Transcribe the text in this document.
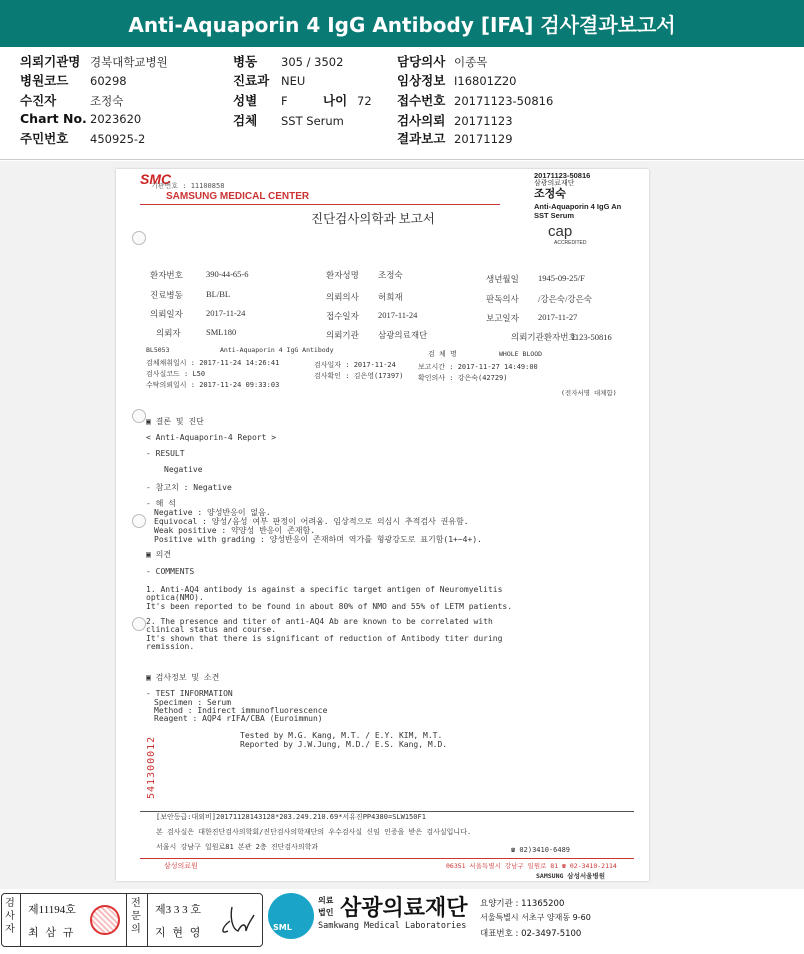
Anti-Aquaporin 4 IgG Antibody [IFA] 검사결과보고서
의뢰기관명 경북대학교병원
병원코드 60298
수진자	조정숙
Chart No. 2023620
주민번호 450925-2
병동 305 / 3502
진료과 NEU
성별 F	나이 72
검체 SST Serum
담당의사 이종목
임상정보 I16801Z20
접수번호 20171123-50816
검사의뢰 20171123
결과보고 20171129
SMC
기관번호 : 11100858
SAMSUNG MEDICAL CENTER
진단검사의학과 보고서
20171123-50816
삼광의료재단
조정숙
Anti-Aquaporin 4 IgG An
SST Serum
cap
ACCREDITED
환자번호	390-44-65-6	환자성명 조정숙	생년월일 1945-09-25/F
진료병동	BL/BL	의뢰의사 허희재	판독의사 /강은숙/강은숙
의뢰일자	2017-11-24	접수일자 2017-11-24	보고일자 2017-11-27
의뢰자	SML180	의뢰기관 삼광의료재단	의뢰기관환자번호
1123-50816
BL5053	Anti-Aquaporin 4 IgG Antibody	검 체 명	WHOLE BLOOD
검체채취일시 : 2017-11-24 14:26:41
검사실코드 : L50
수탁의뢰일시 : 2017-11-24 09:33:03
검사일자 : 2017-11-24
검사확인 : 김은영(17397)
보고시간 : 2017-11-27 14:49:00
확인의사 : 강은숙(42729)
(전자서명 대체함)
▣ 결론 및 진단
< Anti-Aquaporin-4 Report >
- RESULT
Negative
- 참고치 : Negative
- 해 석
Negative : 양성반응이 없음.
Equivocal : 양성/음성 여부 판정이 어려움. 임상적으로 의심시 추적검사 권유함.
Weak positive : 약양성 반응이 존재함.
Positive with grading : 양성반응이 존재하며 역가를 형광강도로 표기함(1+~4+).
▣ 의견
- COMMENTS
1. Anti-AQ4 antibody is against a specific target antigen of Neuromyelitis
optica(NMO).
It's been reported to be found in about 80% of NMO and 55% of LETM patients.
2. The presence and titer of anti-AQ4 Ab are known to be correlated with
clinical status and course.
It's shown that there is significant of reduction of Antibody titer during
remission.
▣ 검사정보 및 소견
- TEST INFORMATION
Specimen : Serum
Method : Indirect immunofluorescence
Reagent : AQP4 rIFA/CBA (Euroimmun)
Tested by M.G. Kang, M.T. / E.Y. KIM, M.T.
Reported by J.W.Jung, M.D./ E.S. Kang, M.D.
541300012
[보안등급:대외비]20171128143128*203.249.210.69*서유진PP4380=SLW150F1
본 검사실은 대한진단검사의학회/진단검사의학재단의 우수검사실 신임 인증을 받은 검사실입니다.
서울시 강남구 일원로81 본관 2층 진단검사의학과	☎ 02)3410-6489
삼성의료원	06351 서울특별시 강남구 일원로 81 ☎ 02-3410-2114
SAMSUNG 삼성서울병원
검사자
제11194호
최 삼 규
전문의
제3 3 3 호
지 현 영	SML
의료
법인 삼광의료재단
Samkwang Medical Laboratories
요양기관 : 11365200
서울특별시 서초구 양재동 9-60
대표번호 : 02-3497-5100
